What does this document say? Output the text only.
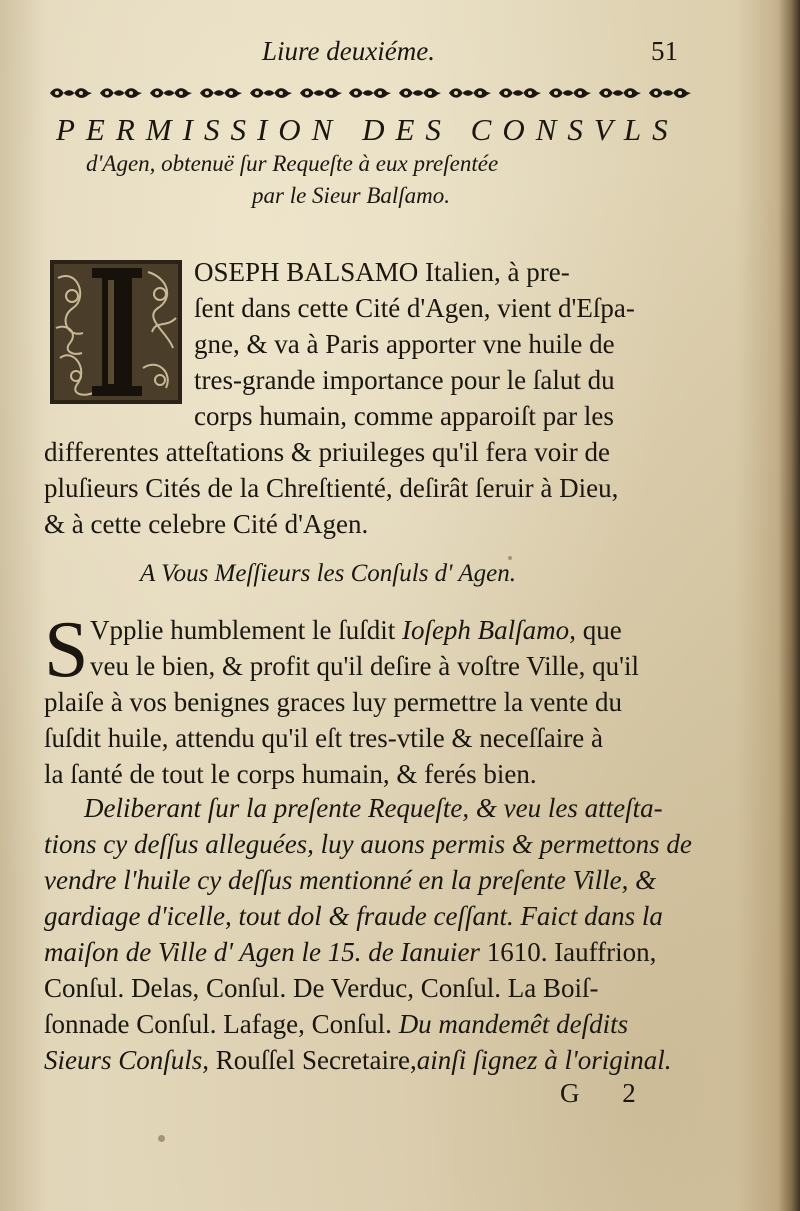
Liure deuxiéme.	51
PERMISSION DES CONSVLS
d'Agen, obtenuë ſur Requeſte à eux preſentée
par le Sieur Balſamo.
OSEPH BALSAMO Italien, à pre-
ſent dans cette Cité d'Agen, vient d'Eſpa-
gne, & va à Paris apporter vne huile de
tres-grande importance pour le ſalut du
corps humain, comme apparoiſt par les
differentes atteſtations & priuileges qu'il fera voir de
pluſieurs Cités de la Chreſtienté, deſirât ſeruir à Dieu,
& à cette celebre Cité d'Agen.
A Vous Meſſieurs les Conſuls d' Agen.
S Vpplie humblement le ſuſdit Ioſeph Balſamo, que
veu le bien, & profit qu'il deſire à voſtre Ville, qu'il
plaiſe à vos benignes graces luy permettre la vente du
ſuſdit huile, attendu qu'il eſt tres-vtile & neceſſaire à
la ſanté de tout le corps humain, & ferés bien.
Deliberant ſur la preſente Requeſte, & veu les atteſta-
tions cy deſſus alleguées, luy auons permis & permettons de
vendre l'huile cy deſſus mentionné en la preſente Ville, &
gardiage d'icelle, tout dol & fraude ceſſant. Faict dans la
maiſon de Ville d' Agen le 15. de Ianuier 1610. Iauffrion,
Conſul. Delas, Conſul. De Verduc, Conſul. La Boiſ-
ſonnade Conſul. Lafage, Conſul. Du mandemêt deſdits
Sieurs Conſuls, Rouſſel Secretaire,ainſi ſignez à l'original.
G 2
